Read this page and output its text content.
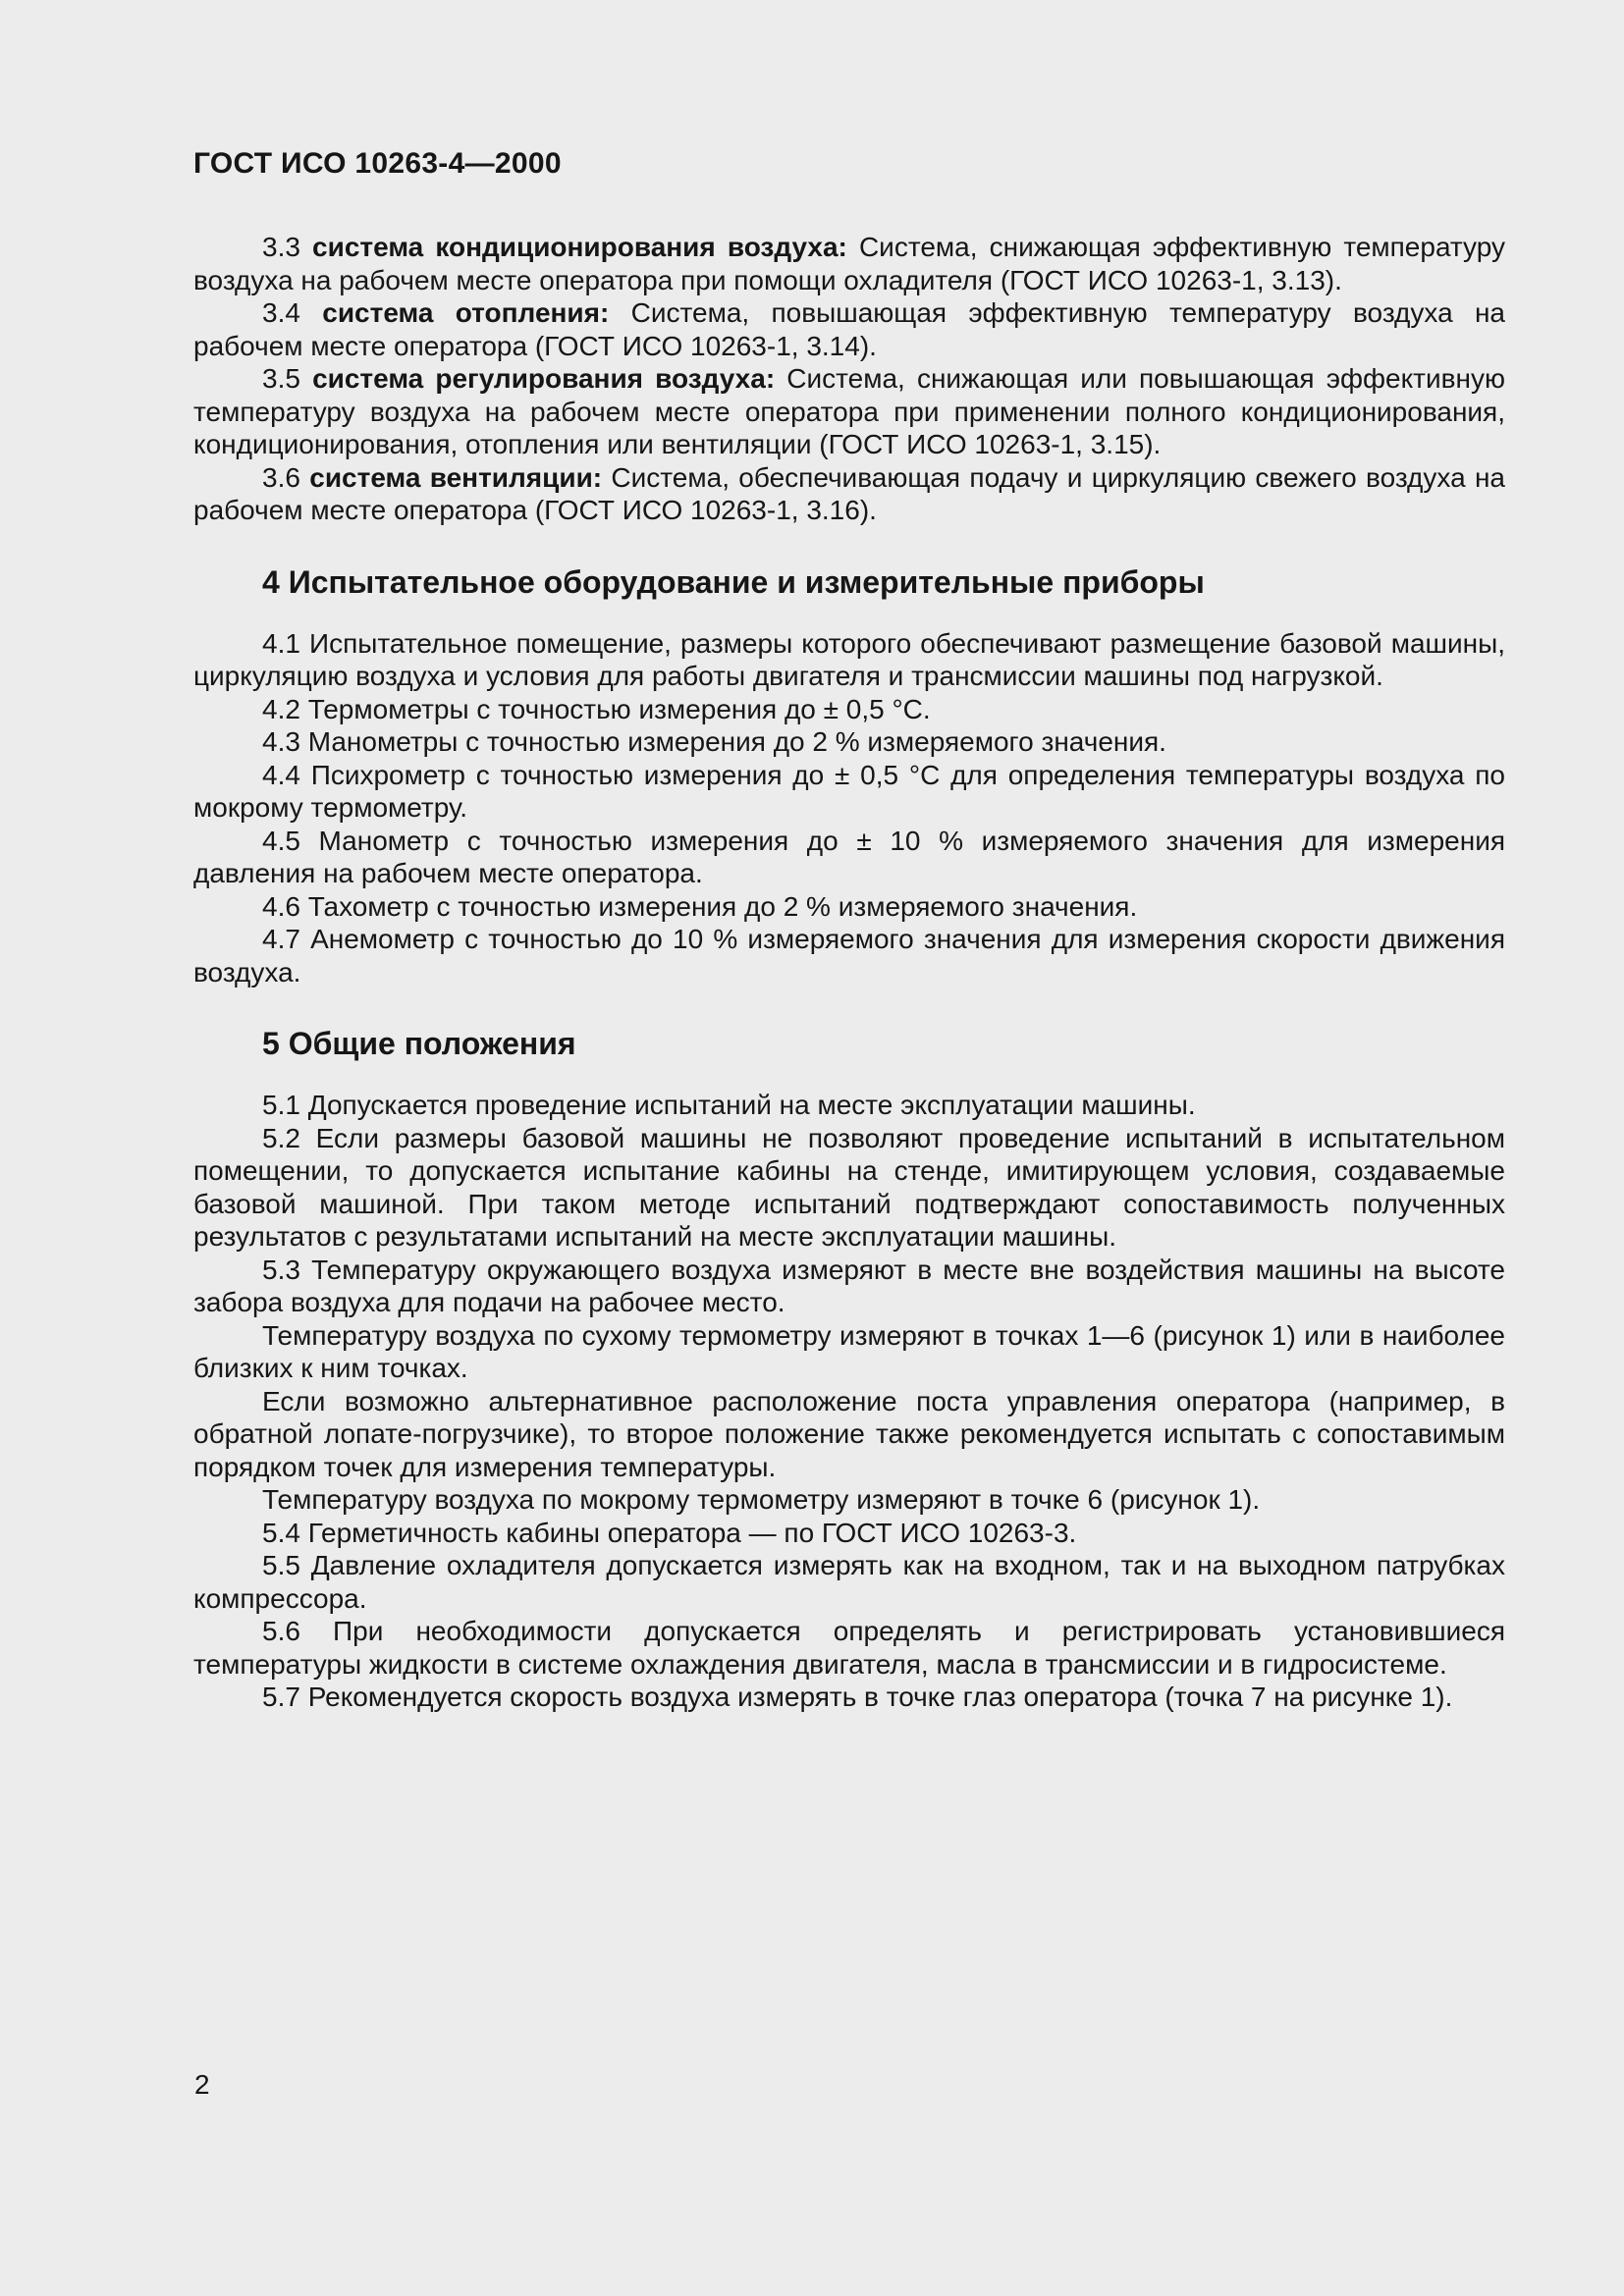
ГОСТ ИСО 10263-4—2000

3.3 система кондиционирования воздуха: Система, снижающая эффективную температуру воздуха на рабочем месте оператора при помощи охладителя (ГОСТ ИСО 10263-1, 3.13).

3.4 система отопления: Система, повышающая эффективную температуру воздуха на рабочем месте оператора (ГОСТ ИСО 10263-1, 3.14).

3.5 система регулирования воздуха: Система, снижающая или повышающая эффективную температуру воздуха на рабочем месте оператора при применении полного кондиционирования, кондиционирования, отопления или вентиляции (ГОСТ ИСО 10263-1, 3.15).

3.6 система вентиляции: Система, обеспечивающая подачу и циркуляцию свежего воздуха на рабочем месте оператора (ГОСТ ИСО 10263-1, 3.16).

4 Испытательное оборудование и измерительные приборы

4.1 Испытательное помещение, размеры которого обеспечивают размещение базовой машины, циркуляцию воздуха и условия для работы двигателя и трансмиссии машины под нагрузкой.

4.2 Термометры с точностью измерения до ± 0,5 °С.

4.3 Манометры с точностью измерения до 2 % измеряемого значения.

4.4 Психрометр с точностью измерения до ± 0,5 °С для определения температуры воздуха по мокрому термометру.

4.5 Манометр с точностью измерения до ± 10 % измеряемого значения для измерения давления на рабочем месте оператора.

4.6 Тахометр с точностью измерения до 2 % измеряемого значения.

4.7 Анемометр с точностью до 10 % измеряемого значения для измерения скорости движения воздуха.

5 Общие положения

5.1 Допускается проведение испытаний на месте эксплуатации машины.

5.2 Если размеры базовой машины не позволяют проведение испытаний в испытательном помещении, то допускается испытание кабины на стенде, имитирующем условия, создаваемые базовой машиной. При таком методе испытаний подтверждают сопоставимость полученных результатов с результатами испытаний на месте эксплуатации машины.

5.3 Температуру окружающего воздуха измеряют в месте вне воздействия машины на высоте забора воздуха для подачи на рабочее место.

Температуру воздуха по сухому термометру измеряют в точках 1—6 (рисунок 1) или в наиболее близких к ним точках.

Если возможно альтернативное расположение поста управления оператора (например, в обратной лопате-погрузчике), то второе положение также рекомендуется испытать с сопоставимым порядком точек для измерения температуры.

Температуру воздуха по мокрому термометру измеряют в точке 6 (рисунок 1).

5.4 Герметичность кабины оператора — по ГОСТ ИСО 10263-3.

5.5 Давление охладителя допускается измерять как на входном, так и на выходном патрубках компрессора.

5.6 При необходимости допускается определять и регистрировать установившиеся температуры жидкости в системе охлаждения двигателя, масла в трансмиссии и в гидросистеме.

5.7 Рекомендуется скорость воздуха измерять в точке глаз оператора (точка 7 на рисунке 1).

2
